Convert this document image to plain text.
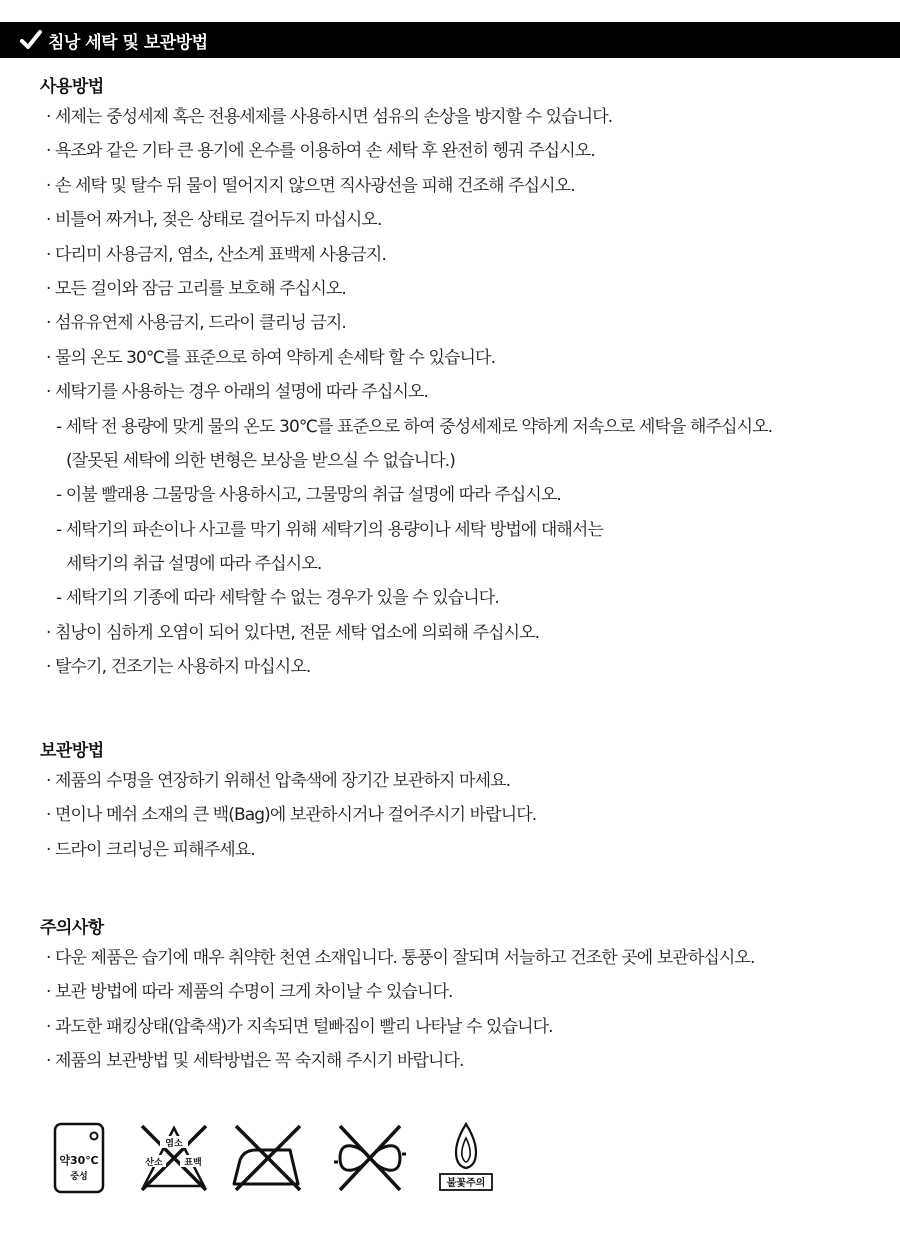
침낭 세탁 및 보관방법
사용방법
· 세제는 중성세제 혹은 전용세제를 사용하시면 섬유의 손상을 방지할 수 있습니다.
· 욕조와 같은 기타 큰 용기에 온수를 이용하여 손 세탁 후 완전히 헹궈 주십시오.
· 손 세탁 및 탈수 뒤 물이 떨어지지 않으면 직사광선을 피해 건조해 주십시오.
· 비틀어 짜거나, 젖은 상태로 걸어두지 마십시오.
· 다리미 사용금지, 염소, 산소계 표백제 사용금지.
· 모든 걸이와 잠금 고리를 보호해 주십시오.
· 섬유유연제 사용금지, 드라이 클리닝 금지.
· 물의 온도 30℃를 표준으로 하여 약하게 손세탁 할 수 있습니다.
· 세탁기를 사용하는 경우 아래의 설명에 따라 주십시오.
- 세탁 전 용량에 맞게 물의 온도 30℃를 표준으로 하여 중성세제로 약하게 저속으로 세탁을 해주십시오.
(잘못된 세탁에 의한 변형은 보상을 받으실 수 없습니다.)
- 이불 빨래용 그물망을 사용하시고, 그물망의 취급 설명에 따라 주십시오.
- 세탁기의 파손이나 사고를 막기 위해 세탁기의 용량이나 세탁 방법에 대해서는
세탁기의 취급 설명에 따라 주십시오.
- 세탁기의 기종에 따라 세탁할 수 없는 경우가 있을 수 있습니다.
· 침낭이 심하게 오염이 되어 있다면, 전문 세탁 업소에 의뢰해 주십시오.
· 탈수기, 건조기는 사용하지 마십시오.
보관방법
· 제품의 수명을 연장하기 위해선 압축색에 장기간 보관하지 마세요.
· 면이나 메쉬 소재의 큰 백(Bag)에 보관하시거나 걸어주시기 바랍니다.
· 드라이 크리닝은 피해주세요.
주의사항
· 다운 제품은 습기에 매우 취약한 천연 소재입니다. 통풍이 잘되며 서늘하고 건조한 곳에 보관하십시오.
· 보관 방법에 따라 제품의 수명이 크게 차이날 수 있습니다.
· 과도한 패킹상태(압축색)가 지속되면 털빠짐이 빨리 나타날 수 있습니다.
· 제품의 보관방법 및 세탁방법은 꼭 숙지해 주시기 바랍니다.
약30℃
중성
염소
산소 표백
불꽃주의
